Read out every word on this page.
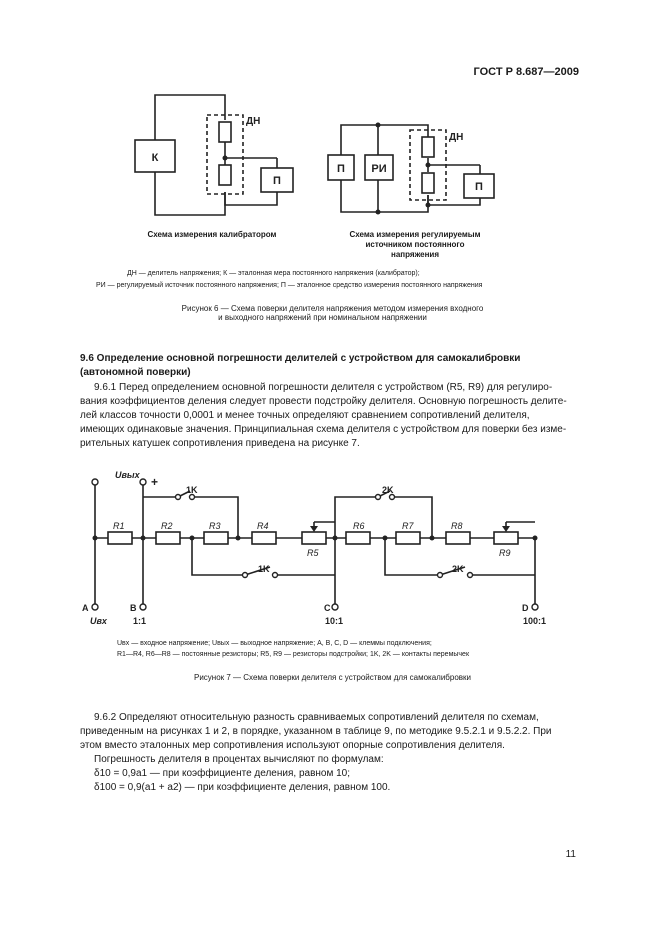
ГОСТ Р 8.687—2009
К
ДН
П
П РИ
ДН
П
Схема измерения калибратором	Схема измерения регулируемым
источником постоянного
напряжения
ДН — делитель напряжения; К — эталонная мера постоянного напряжения (калибратор);
РИ — регулируемый источник постоянного напряжения; П — эталонное средство измерения постоянного напряжения
Рисунок 6 — Схема поверки делителя напряжения методом измерения входного
и выходного напряжений при номинальном напряжении
9.6 Определение основной погрешности делителей с устройством для самокалибровки
(автономной поверки)

9.6.1 Перед определением основной погрешности делителя с устройством (R5, R9) для регулиро-

вания коэффициентов деления следует провести подстройку делителя. Основную погрешность делите-
лей классов точности 0,0001 и менее точных определяют сравнением сопротивлений делителя,
имеющих одинаковые значения. Принципиальная схема делителя с устройством для поверки без изме-
рительных катушек сопротивления приведена на рисунке 7.
R1	R2	R3	R4
R5
R6	R7	R8
R9
Uвых +
1K	2K
1K	2K
A	B	C	D
1:1	10:1	100:1
Uвх
Uвх — входное напряжение; Uвых — выходное напряжение; A, B, C, D — клеммы подключения;
R1—R4, R6—R8 — постоянные резисторы; R5, R9 — резисторы подстройки; 1K, 2K — контакты перемычек
Рисунок 7 — Схема поверки делителя с устройством для самокалибровки

9.6.2 Определяют относительную разность сравниваемых сопротивлений делителя по схемам,

приведенным на рисунках 1 и 2, в порядке, указанном в таблице 9, по методике 9.5.2.1 и 9.5.2.2. При
этом вместо эталонных мер сопротивления используют опорные сопротивления делителя.

Погрешность делителя в процентах вычисляют по формулам:

δ10 = 0,9a1 — при коэффициенте деления, равном 10;
δ100 = 0,9(a1 + a2) — при коэффициенте деления, равном 100.
11
